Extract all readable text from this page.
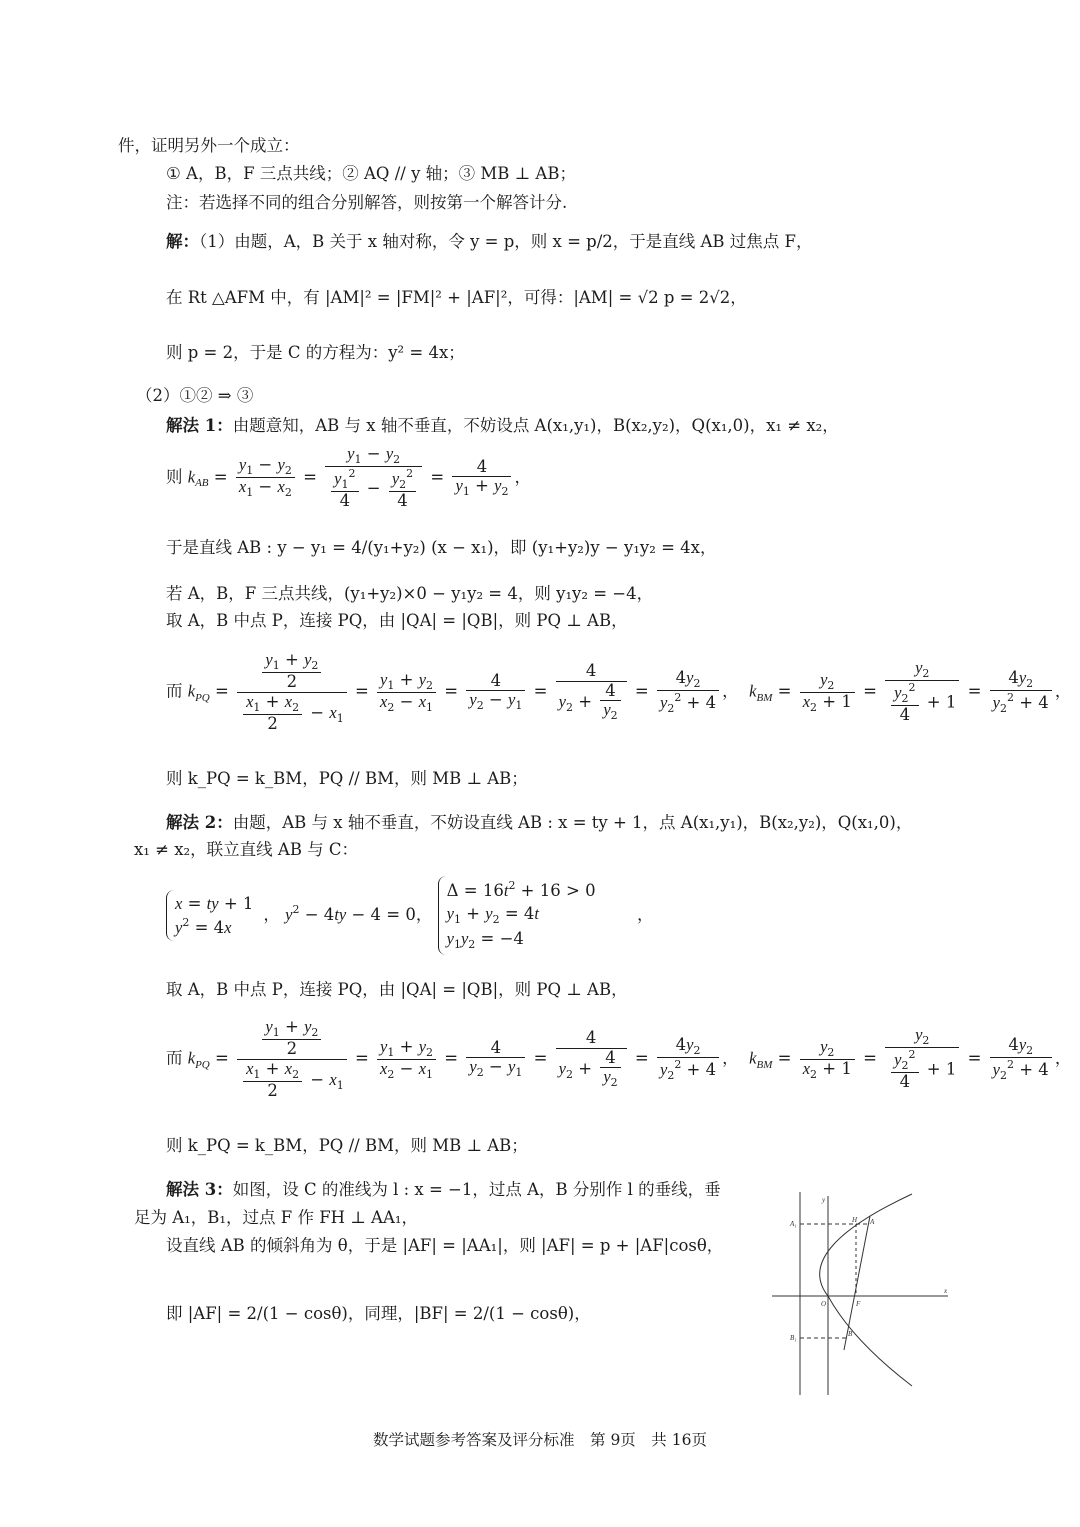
件，证明另外一个成立：
① A，B，F 三点共线；② AQ // y 轴；③ MB ⊥ AB；
注：若选择不同的组合分别解答，则按第一个解答计分.
解：（1）由题，A，B 关于 x 轴对称，令 y = p，则 x = p/2，于是直线 AB 过焦点 F，
在 Rt △AFM 中，有 |AM|² = |FM|² + |AF|²，可得：|AM| = √2 p = 2√2，
则 p = 2，于是 C 的方程为：y² = 4x；
（2）①② ⇒ ③
解法 1：由题意知，AB 与 x 轴不垂直，不妨设点 A(x₁,y₁)，B(x₂,y₂)，Q(x₁,0)，x₁ ≠ x₂，
则 $k_{AB} = \frac{y_1 - y_2}{x_1 - x_2} = \frac{y_1 - y_2}{\frac{y_1^2}{4} - \frac{y_2^2}{4}} = \frac{4}{y_1 + y_2}$ ，
于是直线 AB : y − y₁ = 4/(y₁+y₂) (x − x₁)，即 (y₁+y₂)y − y₁y₂ = 4x，
若 A，B，F 三点共线，(y₁+y₂)×0 − y₁y₂ = 4，则 y₁y₂ = −4，
取 A，B 中点 P，连接 PQ，由 |QA| = |QB|，则 PQ ⊥ AB，
而 $k_{PQ} = \frac{\frac{y_1 + y_2}{2}}{\frac{x_1 + x_2}{2} - x_1} = \frac{y_1 + y_2}{x_2 - x_1} = \frac{4}{y_2 - y_1} = \frac{4}{y_2 + \frac{4}{y_2}} = \frac{4y_2}{y_2^2 + 4}$ ，  $k_{BM} = \frac{y_2}{x_2 + 1} = \frac{y_2}{\frac{y_2^2}{4} + 1} = \frac{4y_2}{y_2^2 + 4}$ ，
则 k_PQ = k_BM，PQ // BM，则 MB ⊥ AB；
解法 2：由题，AB 与 x 轴不垂直，不妨设直线 AB : x = ty + 1，点 A(x₁,y₁)，B(x₂,y₂)，Q(x₁,0)，
x₁ ≠ x₂，联立直线 AB 与 C：
x = ty + 1
$y^2 = 4x$， $y^2 - 4ty - 4 = 0$， $\Delta = 16t^2 + 16 > 0$
$y_1 + y_2 = 4t$
$y_1y_2 = -4$      ，
取 A，B 中点 P，连接 PQ，由 |QA| = |QB|，则 PQ ⊥ AB，
而 $k_{PQ} = \frac{\frac{y_1 + y_2}{2}}{\frac{x_1 + x_2}{2} - x_1} = \frac{y_1 + y_2}{x_2 - x_1} = \frac{4}{y_2 - y_1} = \frac{4}{y_2 + \frac{4}{y_2}} = \frac{4y_2}{y_2^2 + 4}$ ，  $k_{BM} = \frac{y_2}{x_2 + 1} = \frac{y_2}{\frac{y_2^2}{4} + 1} = \frac{4y_2}{y_2^2 + 4}$ ，
则 k_PQ = k_BM，PQ // BM，则 MB ⊥ AB；
解法 3：如图，设 C 的准线为 l : x = −1，过点 A，B 分别作 l 的垂线，垂
足为 A₁，B₁，过点 F 作 FH ⊥ AA₁，
设直线 AB 的倾斜角为 θ，于是 |AF| = |AA₁|，则 |AF| = p + |AF|cosθ，
即 |AF| = 2/(1 − cosθ)，同理，|BF| = 2/(1 − cosθ)，
A₁
B₁
O	F
H A
B
x
y
数学试题参考答案及评分标准　第 9页　共 16页
